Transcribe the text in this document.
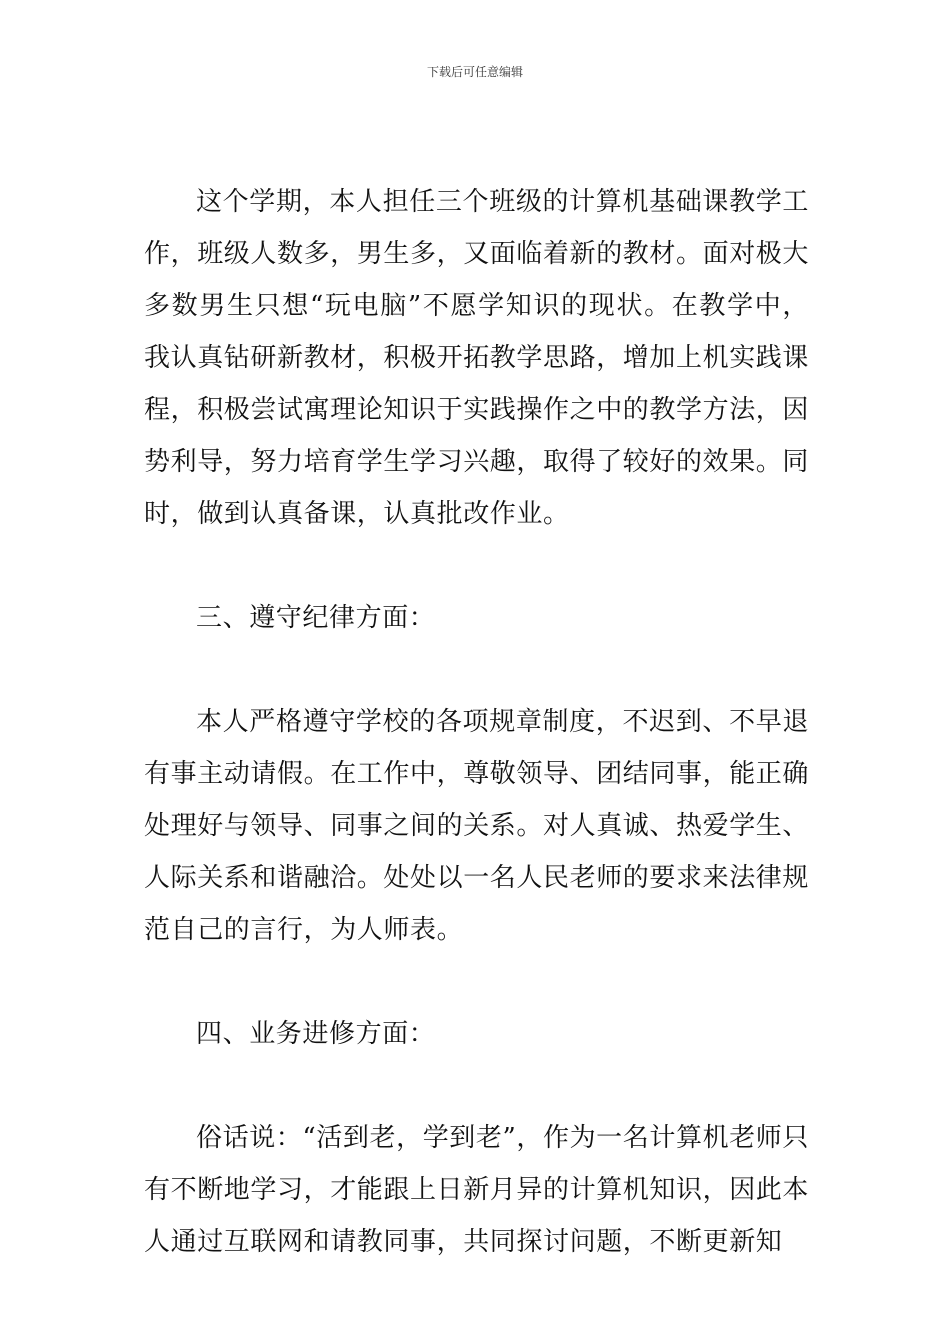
下载后可任意编辑

这个学期，本人担任三个班级的计算机基础课教学工作，班级人数多，男生多，又面临着新的教材。面对极大多数男生只想“玩电脑”不愿学知识的现状。在教学中，我认真钻研新教材，积极开拓教学思路，增加上机实践课程，积极尝试寓理论知识于实践操作之中的教学方法，因势利导，努力培育学生学习兴趣，取得了较好的效果。同时，做到认真备课，认真批改作业。

三、遵守纪律方面：

本人严格遵守学校的各项规章制度，不迟到、不早退有事主动请假。在工作中，尊敬领导、团结同事，能正确处理好与领导、同事之间的关系。对人真诚、热爱学生、人际关系和谐融洽。处处以一名人民老师的要求来法律规范自己的言行，为人师表。

四、业务进修方面：

俗话说：“活到老，学到老”，作为一名计算机老师只有不断地学习，才能跟上日新月异的计算机知识，因此本人通过互联网和请教同事，共同探讨问题，不断更新知
